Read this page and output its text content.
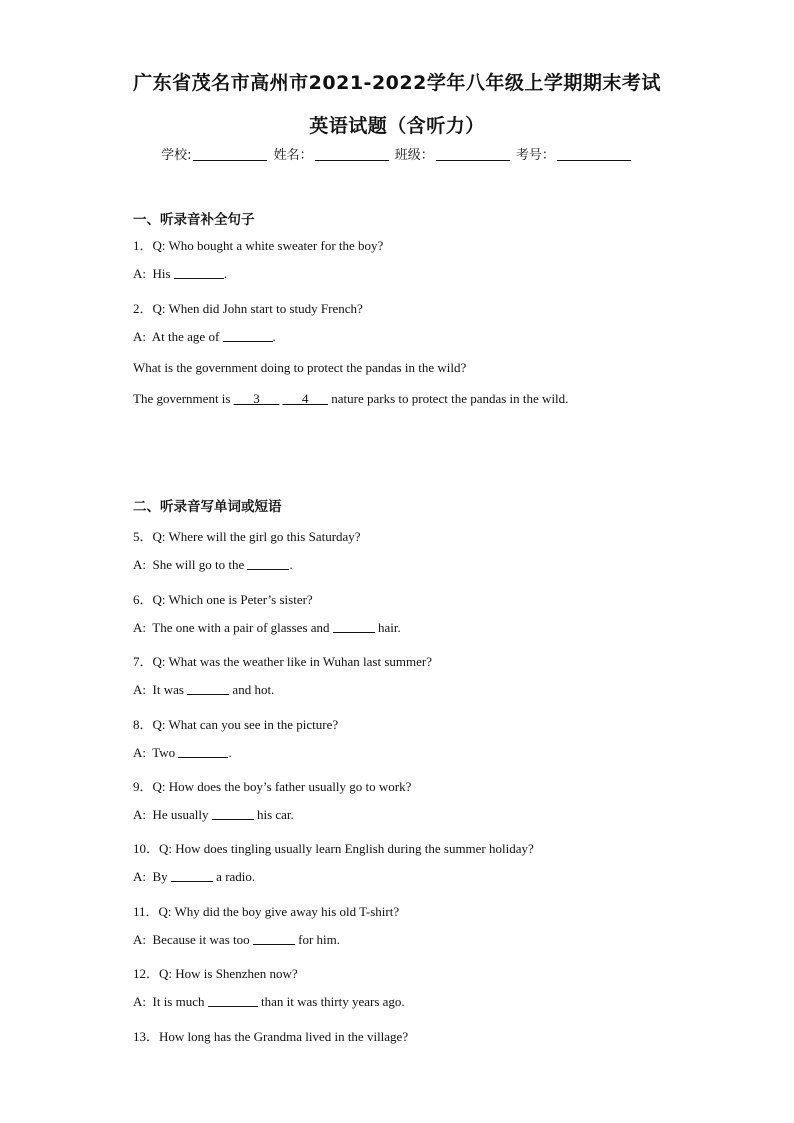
广东省茂名市高州市2021-2022学年八年级上学期期末考试
英语试题（含听力）
学校:	姓名：	班级：	考号：
一、听录音补全句子
1．Q: Who bought a white sweater for the boy?
A:  His	.
2．Q: When did John start to study French?
A:  At the age of	.
What is the government doing to protect the pandas in the wild?
The government is ___3___ ___4___ nature parks to protect the pandas in the wild.
二、听录音写单词或短语
5．Q: Where will the girl go this Saturday?
A:  She will go to the	.
6．Q: Which one is Peter’s sister?
A:  The one with a pair of glasses and	hair.
7．Q: What was the weather like in Wuhan last summer?
A:  It was	and hot.
8．Q: What can you see in the picture?
A:  Two	.
9．Q: How does the boy’s father usually go to work?
A:  He usually	his car.
10．Q: How does tingling usually learn English during the summer holiday?
A:  By	a radio.
11．Q: Why did the boy give away his old T-shirt?
A:  Because it was too	for him.
12．Q: How is Shenzhen now?
A:  It is much	than it was thirty years ago.
13．How long has the Grandma lived in the village?
